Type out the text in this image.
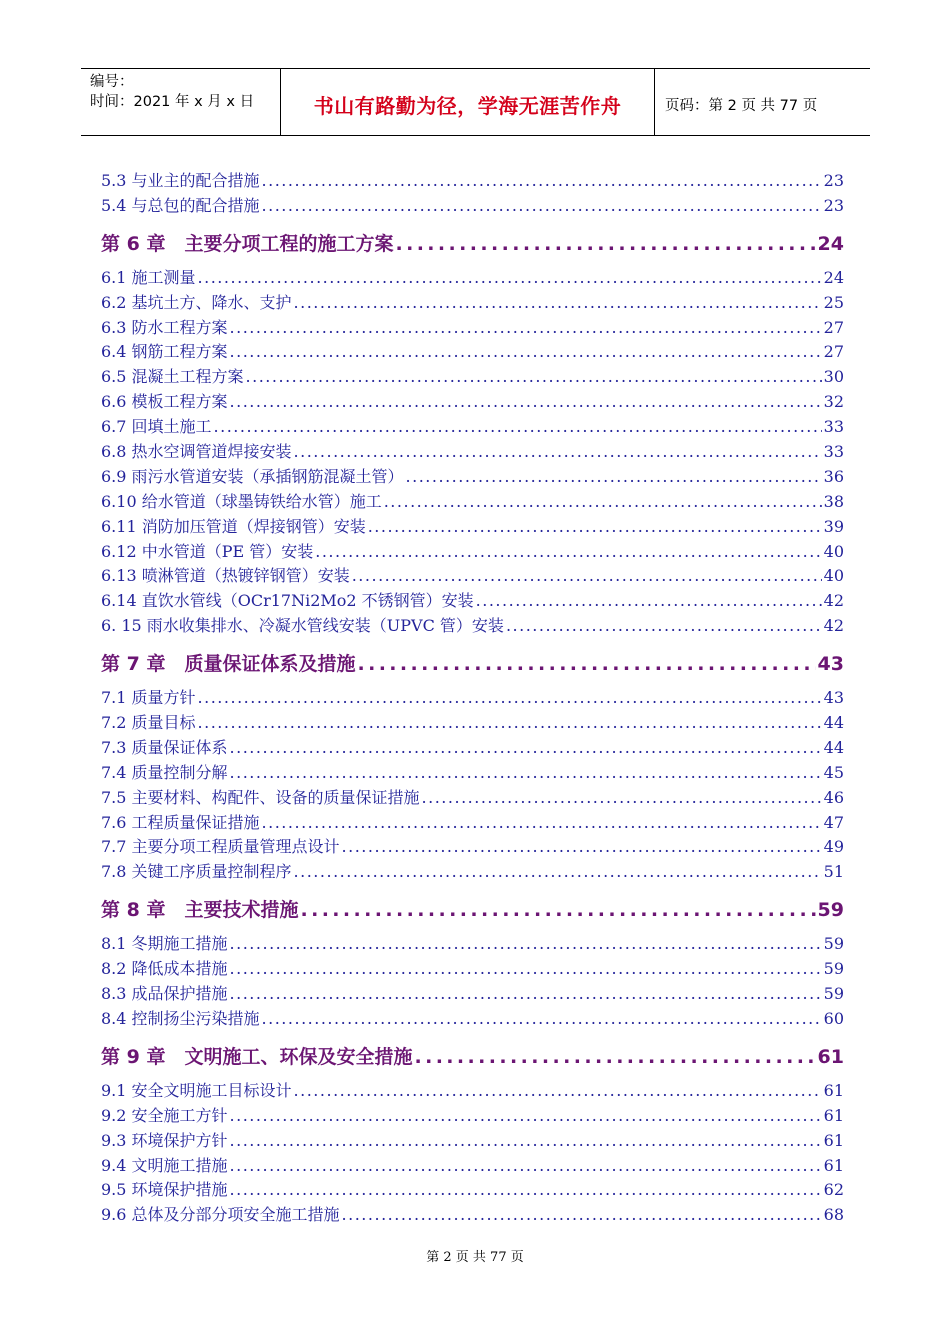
编号：
时间：2021 年 x 月 x 日	书山有路勤为径，学海无涯苦作舟	页码：第 2 页 共 77 页
5.3 与业主的配合措施 .....	23
5.4 与总包的配合措施 .....	23
第 6 章　主要分项工程的施工方案 .....	24
6.1 施工测量 .....	24
6.2 基坑土方、降水、支护 .....	25
6.3 防水工程方案 .....	27
6.4 钢筋工程方案 .....	27
6.5 混凝土工程方案 .....	30
6.6 模板工程方案 .....	32
6.7 回填土施工 .....	33
6.8 热水空调管道焊接安装 .....	33
6.9 雨污水管道安装（承插钢筋混凝土管） .....	36
6.10 给水管道（球墨铸铁给水管）施工 .....	38
6.11 消防加压管道（焊接钢管）安装 .....	39
6.12 中水管道（PE 管）安装 .....	40
6.13 喷淋管道（热镀锌钢管）安装 .....	40
6.14 直饮水管线（OCr17Ni2Mo2 不锈钢管）安装 .....	42
6. 15 雨水收集排水、冷凝水管线安装（UPVC 管）安装 .....	42
第 7 章　质量保证体系及措施 .....	43
7.1 质量方针 .....	43
7.2 质量目标 .....	44
7.3 质量保证体系 .....	44
7.4 质量控制分解 .....	45
7.5 主要材料、构配件、设备的质量保证措施 .....	46
7.6 工程质量保证措施 .....	47
7.7 主要分项工程质量管理点设计 .....	49
7.8 关键工序质量控制程序 .....	51
第 8 章　主要技术措施 .....	59
8.1 冬期施工措施 .....	59
8.2 降低成本措施 .....	59
8.3 成品保护措施 .....	59
8.4 控制扬尘污染措施 .....	60
第 9 章　文明施工、环保及安全措施 .....	61
9.1 安全文明施工目标设计 .....	61
9.2 安全施工方针 .....	61
9.3 环境保护方针 .....	61
9.4 文明施工措施 .....	61
9.5 环境保护措施 .....	62
9.6 总体及分部分项安全施工措施 .....	68
第 2 页 共 77 页
